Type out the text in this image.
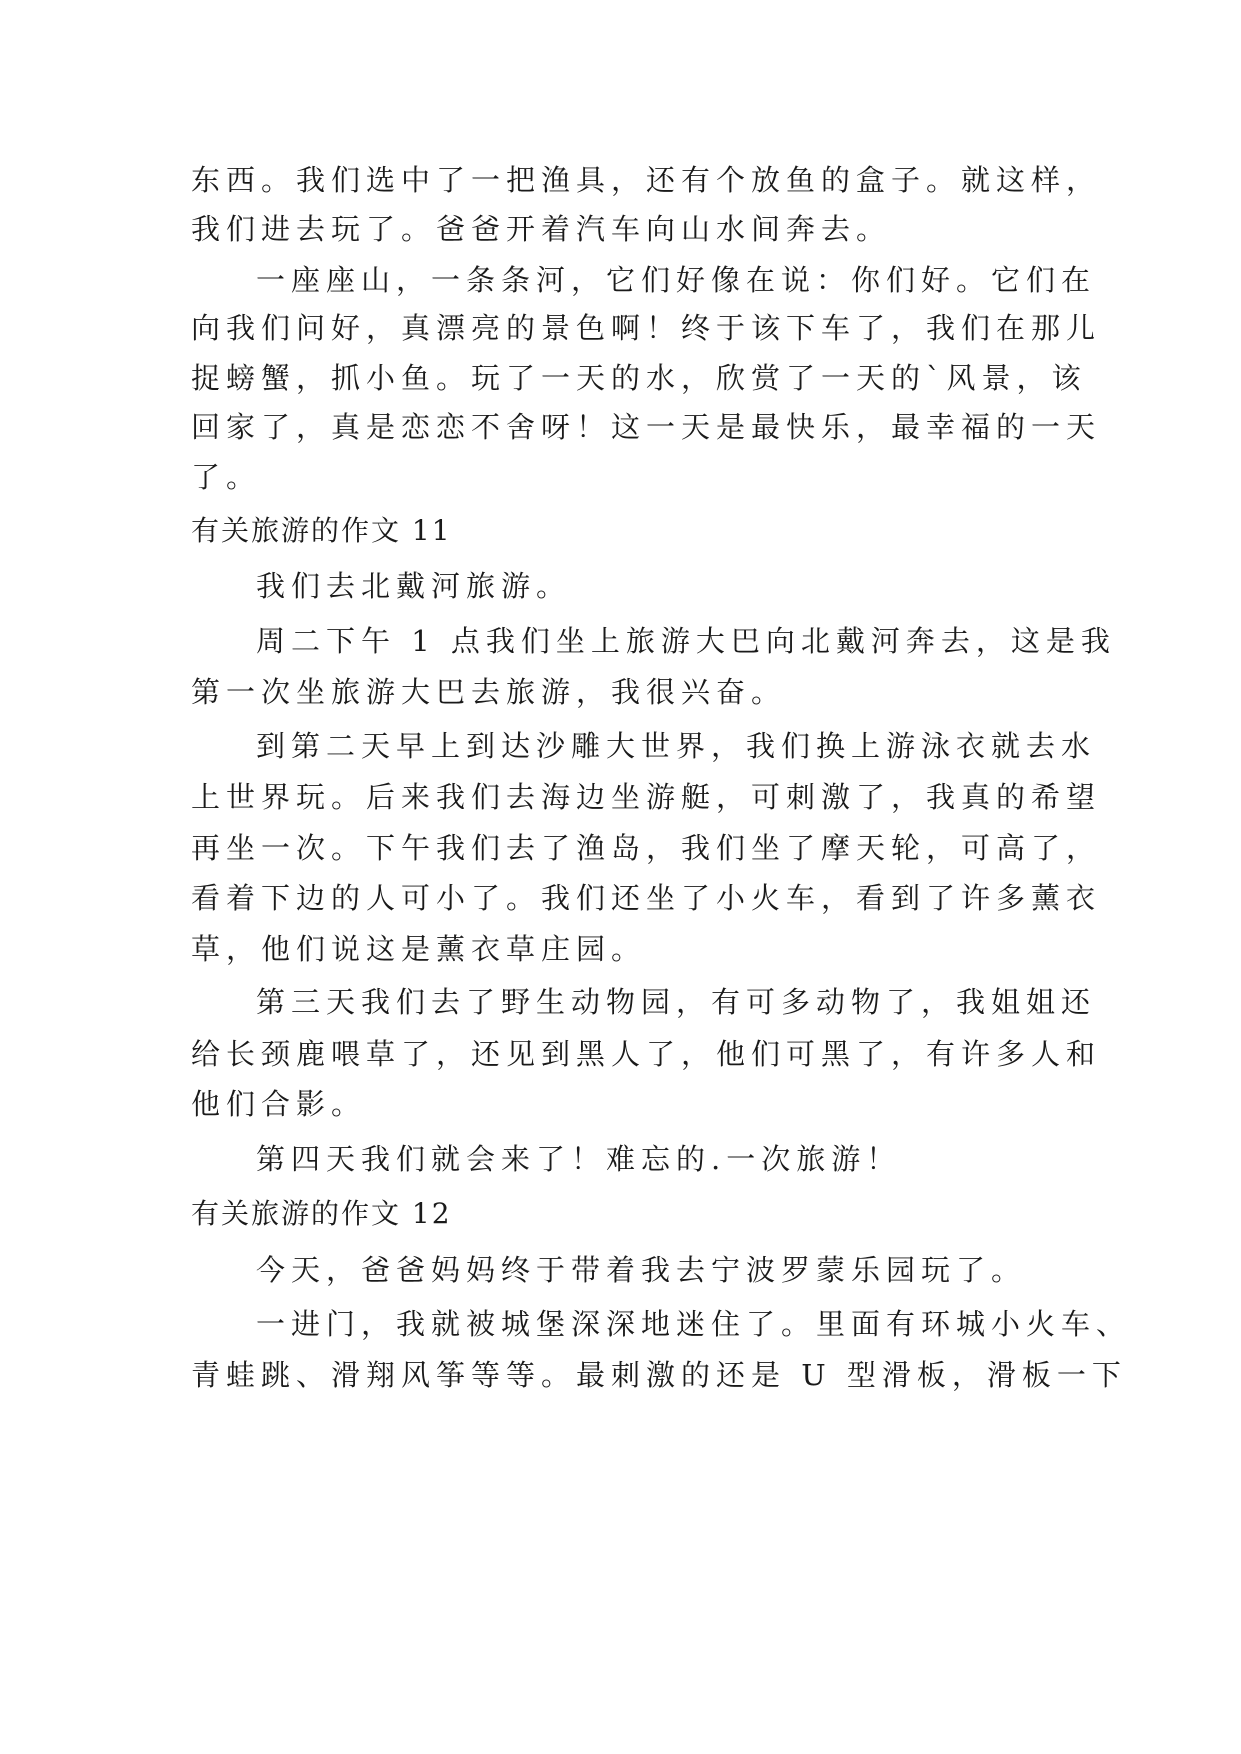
东西。我们选中了一把渔具，还有个放鱼的盒子。就这样，
我们进去玩了。爸爸开着汽车向山水间奔去。
一座座山，一条条河，它们好像在说：你们好。它们在
向我们问好，真漂亮的景色啊！终于该下车了，我们在那儿
捉螃蟹，抓小鱼。玩了一天的水，欣赏了一天的`风景，该
回家了，真是恋恋不舍呀！这一天是最快乐，最幸福的一天
了。
有关旅游的作文 11
我们去北戴河旅游。
周二下午 1 点我们坐上旅游大巴向北戴河奔去，这是我
第一次坐旅游大巴去旅游，我很兴奋。
到第二天早上到达沙雕大世界，我们换上游泳衣就去水
上世界玩。后来我们去海边坐游艇，可刺激了，我真的希望
再坐一次。下午我们去了渔岛，我们坐了摩天轮，可高了，
看着下边的人可小了。我们还坐了小火车，看到了许多薰衣
草，他们说这是薰衣草庄园。
第三天我们去了野生动物园，有可多动物了，我姐姐还
给长颈鹿喂草了，还见到黑人了，他们可黑了，有许多人和
他们合影。
第四天我们就会来了！难忘的.一次旅游！
有关旅游的作文 12
今天，爸爸妈妈终于带着我去宁波罗蒙乐园玩了。
一进门，我就被城堡深深地迷住了。里面有环城小火车、
青蛙跳、滑翔风筝等等。最刺激的还是 U 型滑板，滑板一下
